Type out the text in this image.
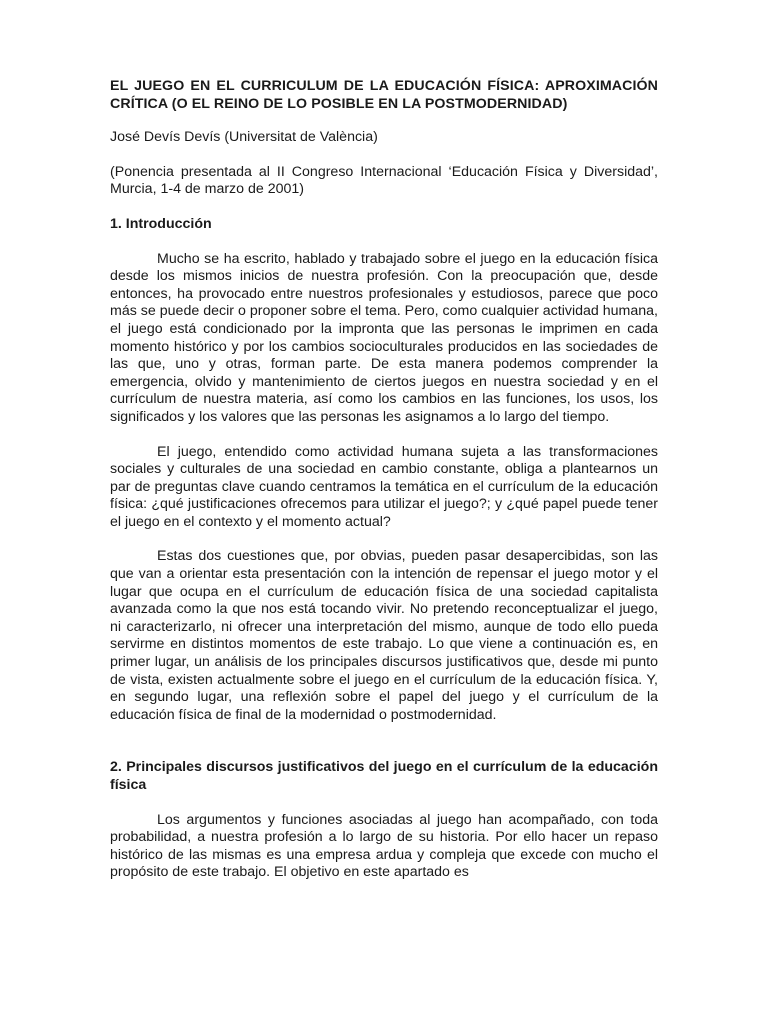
EL JUEGO EN EL CURRICULUM DE LA EDUCACIÓN FÍSICA: APROXIMACIÓN CRÍTICA (O EL REINO DE LO POSIBLE EN LA POSTMODERNIDAD)

José Devís Devís (Universitat de València)

(Ponencia presentada al II Congreso Internacional ‘Educación Física y Diversidad’, Murcia, 1-4 de marzo de 2001)

1. Introducción

Mucho se ha escrito, hablado y trabajado sobre el juego en la educación física desde los mismos inicios de nuestra profesión. Con la preocupación que, desde entonces, ha provocado entre nuestros profesionales y estudiosos, parece que poco más se puede decir o proponer sobre el tema. Pero, como cualquier actividad humana, el juego está condicionado por la impronta que las personas le imprimen en cada momento histórico y por los cambios socioculturales producidos en las sociedades de las que, uno y otras, forman parte. De esta manera podemos comprender la emergencia, olvido y mantenimiento de ciertos juegos en nuestra sociedad y en el currículum de nuestra materia, así como los cambios en las funciones, los usos, los significados y los valores que las personas les asignamos a lo largo del tiempo.

El juego, entendido como actividad humana sujeta a las transformaciones sociales y culturales de una sociedad en cambio constante, obliga a plantearnos un par de preguntas clave cuando centramos la temática en el currículum de la educación física: ¿qué justificaciones ofrecemos para utilizar el juego?; y ¿qué papel puede tener el juego en el contexto y el momento actual?

Estas dos cuestiones que, por obvias, pueden pasar desapercibidas, son las que van a orientar esta presentación con la intención de repensar el juego motor y el lugar que ocupa en el currículum de educación física de una sociedad capitalista avanzada como la que nos está tocando vivir. No pretendo reconceptualizar el juego, ni caracterizarlo, ni ofrecer una interpretación del mismo, aunque de todo ello pueda servirme en distintos momentos de este trabajo. Lo que viene a continuación es, en primer lugar, un análisis de los principales discursos justificativos que, desde mi punto de vista, existen actualmente sobre el juego en el currículum de la educación física. Y, en segundo lugar, una reflexión sobre el papel del juego y el currículum de la educación física de final de la modernidad o postmodernidad.

2. Principales discursos justificativos del juego en el currículum de la educación física

Los argumentos y funciones asociadas al juego han acompañado, con toda probabilidad, a nuestra profesión a lo largo de su historia. Por ello hacer un repaso histórico de las mismas es una empresa ardua y compleja que excede con mucho el propósito de este trabajo. El objetivo en este apartado es
